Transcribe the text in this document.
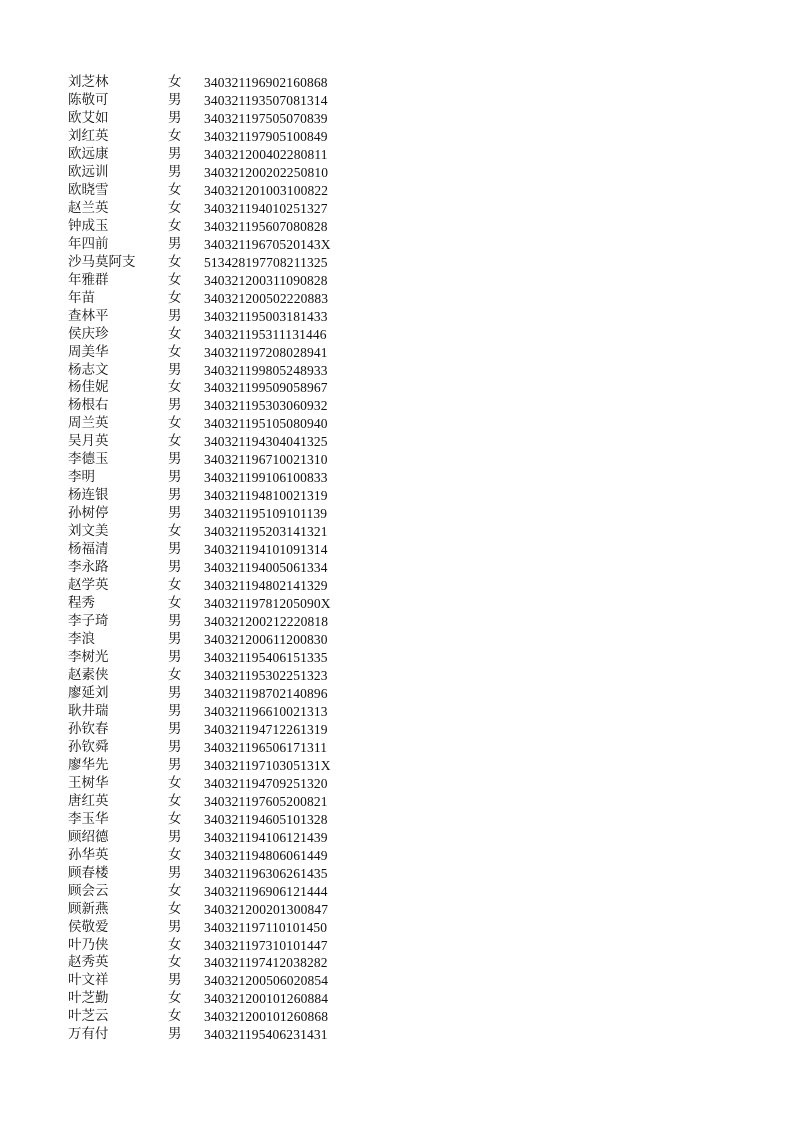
刘芝林	女 340321196902160868
陈敬可	男 340321193507081314
欧艾如	男 340321197505070839
刘红英	女 340321197905100849
欧远康	男 340321200402280811
欧远训	男 340321200202250810
欧晓雪	女 340321201003100822
赵兰英	女 340321194010251327
钟成玉	女 340321195607080828
年四前	男 34032119670520143X
沙马莫阿支 女 513428197708211325
年雅群	女 340321200311090828
年苗	女 340321200502220883
查林平	男 340321195003181433
侯庆珍	女 340321195311131446
周美华	女 340321197208028941
杨志文	男 340321199805248933
杨佳妮	女 340321199509058967
杨根右	男 340321195303060932
周兰英	女 340321195105080940
吴月英	女 340321194304041325
李德玉	男 340321196710021310
李明	男 340321199106100833
杨连银	男 340321194810021319
孙树停	男 340321195109101139
刘文美	女 340321195203141321
杨福清	男 340321194101091314
李永路	男 340321194005061334
赵学英	女 340321194802141329
程秀	女 34032119781205090X
李子琦	男 340321200212220818
李浪	男 340321200611200830
李树光	男 340321195406151335
赵素侠	女 340321195302251323
廖延刘	男 340321198702140896
耿井瑞	男 340321196610021313
孙钦春	男 340321194712261319
孙钦舜	男 340321196506171311
廖华先	男 34032119710305131X
王树华	女 340321194709251320
唐红英	女 340321197605200821
李玉华	女 340321194605101328
顾绍德	男 340321194106121439
孙华英	女 340321194806061449
顾春楼	男 340321196306261435
顾会云	女 340321196906121444
顾新燕	女 340321200201300847
侯敬爱	男 340321197110101450
叶乃侠	女 340321197310101447
赵秀英	女 340321197412038282
叶文祥	男 340321200506020854
叶芝勤	女 340321200101260884
叶芝云	女 340321200101260868
万有付	男 340321195406231431
